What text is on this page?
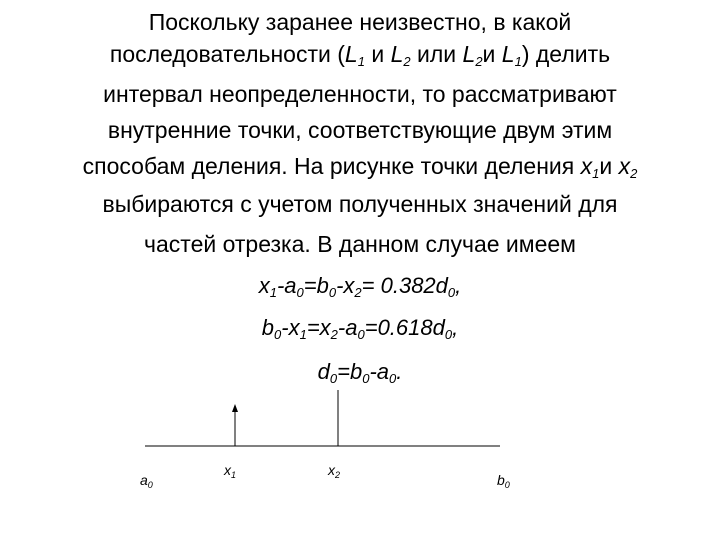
Поскольку заранее неизвестно, в какой
последовательности ($L_1$ и $L_2$ или $L_2и$ $L_1$) делить
интервал неопределенности, то рассматривают
внутренние точки, соответствующие двум этим
способам деления. На рисунке точки деления $x_1и$ $x_2$
выбираются с учетом полученных значений для
частей отрезка. В данном случае имеем
$x_1-a_0=b_0-x_2= 0.382d_0$,
$b_0-x_1=x_2-a_0=0.618d_0$,
$d_0=b_0-a_0$.
$a_0$
$x_1$	$x_2$	$b_0$
